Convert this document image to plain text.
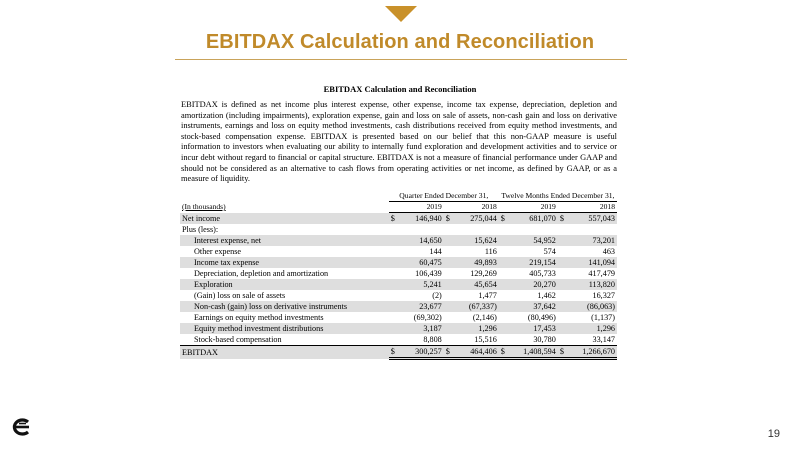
EBITDAX Calculation and Reconciliation
EBITDAX Calculation and Reconciliation

EBITDAX is defined as net income plus interest expense, other expense, income tax expense, depreciation, depletion and amortization (including impairments), exploration expense, gain and loss on sale of assets, non-cash gain and loss on derivative instruments, earnings and loss on equity method investments, cash distributions received from equity method investments, and stock-based compensation expense. EBITDAX is presented based on our belief that this non-GAAP measure is useful information to investors when evaluating our ability to internally fund exploration and development activities and to service or incur debt without regard to financial or capital structure. EBITDAX is not a measure of financial performance under GAAP and should not be considered as an alternative to cash flows from operating activities or net income, as defined by GAAP, or as a measure of liquidity.

	Quarter Ended December 31,				Twelve Months Ended December 31,			
(In thousands)	2019		2018		2019		2018	
Net income	$	146,940	$	275,044	$	681,070	$	557,043
Plus (less):								
Interest expense, net		14,650		15,624		54,952		73,201
Other expense		144		116		574		463
Income tax expense		60,475		49,893		219,154		141,094
Depreciation, depletion and amortization		106,439		129,269		405,733		417,479
Exploration		5,241		45,654		20,270		113,820
(Gain) loss on sale of assets		(2)		1,477		1,462		16,327
Non-cash (gain) loss on derivative instruments		23,677		(67,337)		37,642		(86,063)
Earnings on equity method investments		(69,302)		(2,146)		(80,496)		(1,137)
Equity method investment distributions		3,187		1,296		17,453		1,296
Stock-based compensation		8,808		15,516		30,780		33,147
EBITDAX	$	300,257	$	464,406	$	1,408,594	$	1,266,670
19
